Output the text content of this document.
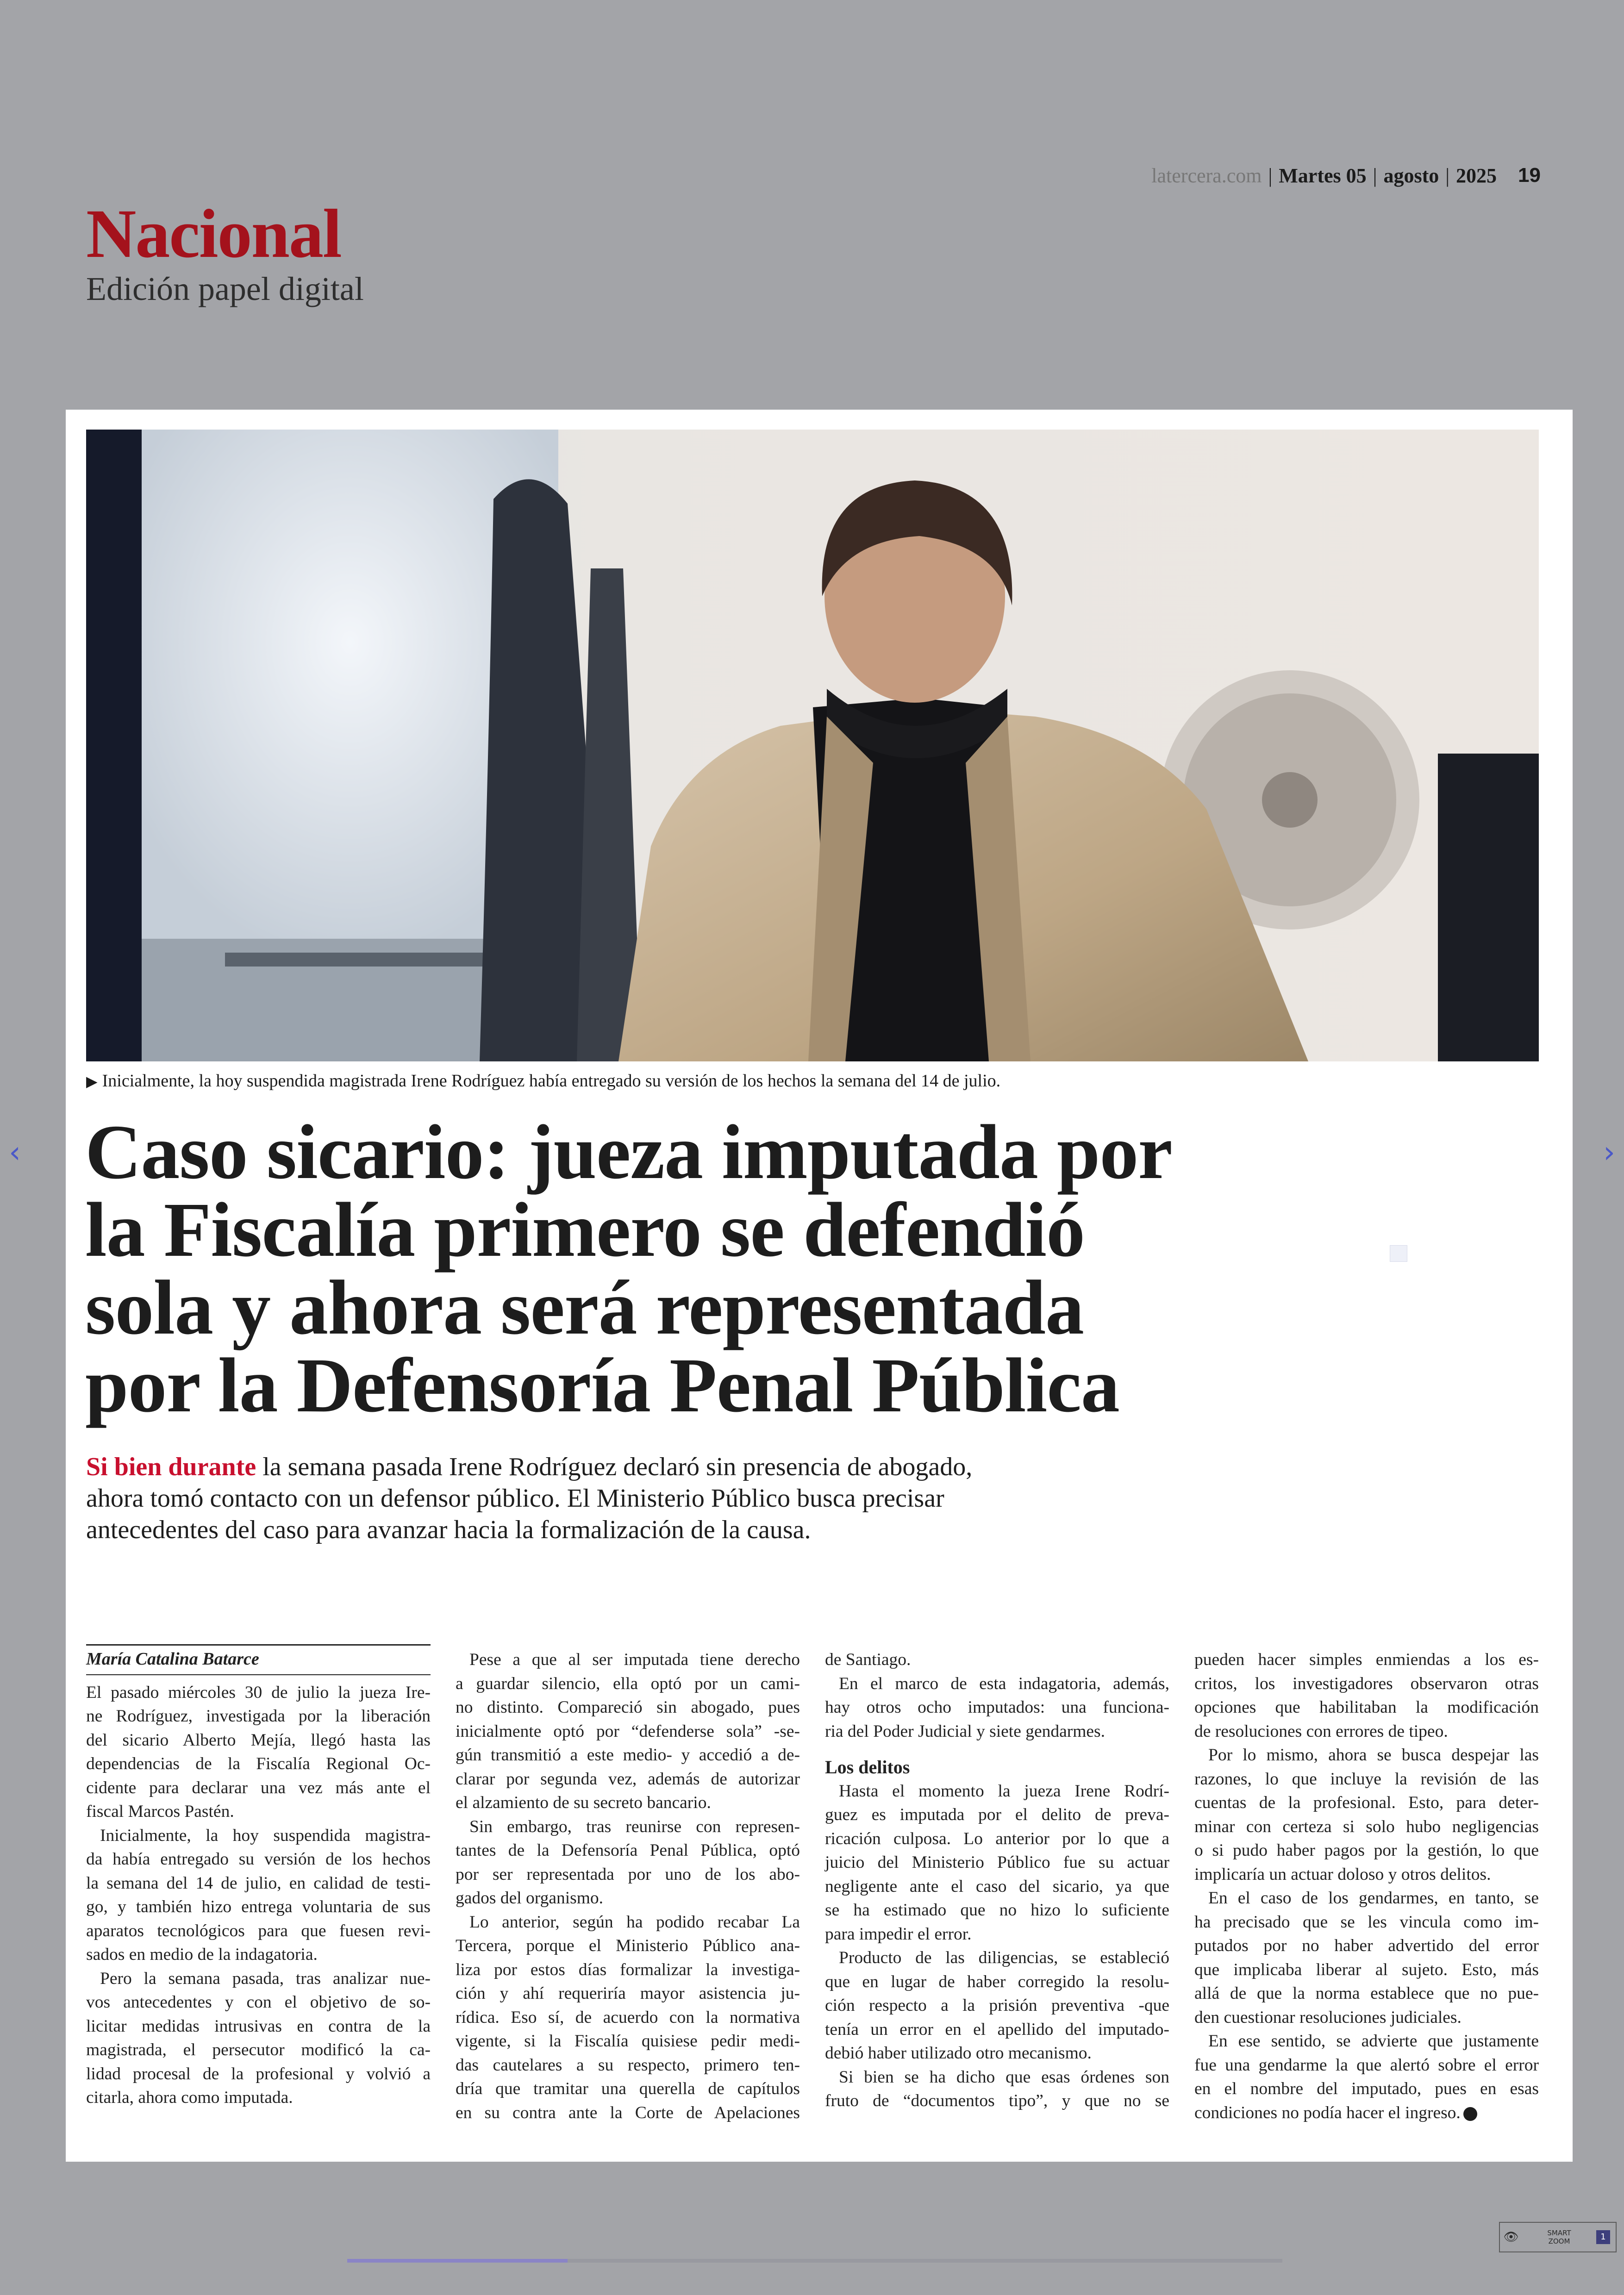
latercera.com | Martes 05 | agosto | 2025 19
Nacional
Edición papel digital
‹	›
▶ Inicialmente, la hoy suspendida magistrada Irene Rodríguez había entregado su versión de los hechos la semana del 14 de julio.
Caso sicario: jueza imputada por
la Fiscalía primero se defendió
sola y ahora será representada
por la Defensoría Penal Pública
Si bien durante la semana pasada Irene Rodríguez declaró sin presencia de abogado,
ahora tomó contacto con un defensor público. El Ministerio Público busca precisar
antecedentes del caso para avanzar hacia la formalización de la causa.
María Catalina Batarce
El pasado miércoles 30 de julio la jueza Ire-
ne Rodríguez, investigada por la liberación
del sicario Alberto Mejía, llegó hasta las
dependencias de la Fiscalía Regional Oc-
cidente para declarar una vez más ante el
fiscal Marcos Pastén.
Inicialmente, la hoy suspendida magistra-
da había entregado su versión de los hechos
la semana del 14 de julio, en calidad de testi-
go, y también hizo entrega voluntaria de sus
aparatos tecnológicos para que fuesen revi-
sados en medio de la indagatoria.
Pero la semana pasada, tras analizar nue-
vos antecedentes y con el objetivo de so-
licitar medidas intrusivas en contra de la
magistrada, el persecutor modificó la ca-
lidad procesal de la profesional y volvió a
citarla, ahora como imputada.
Pese a que al ser imputada tiene derecho
a guardar silencio, ella optó por un cami-
no distinto. Compareció sin abogado, pues
inicialmente optó por “defenderse sola” -se-
gún transmitió a este medio- y accedió a de-
clarar por segunda vez, además de autorizar
el alzamiento de su secreto bancario.
Sin embargo, tras reunirse con represen-
tantes de la Defensoría Penal Pública, optó
por ser representada por uno de los abo-
gados del organismo.
Lo anterior, según ha podido recabar La
Tercera, porque el Ministerio Público ana-
liza por estos días formalizar la investiga-
ción y ahí requeriría mayor asistencia ju-
rídica. Eso sí, de acuerdo con la normativa
vigente, si la Fiscalía quisiese pedir medi-
das cautelares a su respecto, primero ten-
dría que tramitar una querella de capítulos
en su contra ante la Corte de Apelaciones
de Santiago.
En el marco de esta indagatoria, además,
hay otros ocho imputados: una funciona-
ria del Poder Judicial y siete gendarmes.
Los delitos
Hasta el momento la jueza Irene Rodrí-
guez es imputada por el delito de preva-
ricación culposa. Lo anterior por lo que a
juicio del Ministerio Público fue su actuar
negligente ante el caso del sicario, ya que
se ha estimado que no hizo lo suficiente
para impedir el error.
Producto de las diligencias, se estableció
que en lugar de haber corregido la resolu-
ción respecto a la prisión preventiva -que
tenía un error en el apellido del imputado-
debió haber utilizado otro mecanismo.
Si bien se ha dicho que esas órdenes son
fruto de “documentos tipo”, y que no se
pueden hacer simples enmiendas a los es-
critos, los investigadores observaron otras
opciones que habilitaban la modificación
de resoluciones con errores de tipeo.
Por lo mismo, ahora se busca despejar las
razones, lo que incluye la revisión de las
cuentas de la profesional. Esto, para deter-
minar con certeza si solo hubo negligencias
o si pudo haber pagos por la gestión, lo que
implicaría un actuar doloso y otros delitos.
En el caso de los gendarmes, en tanto, se
ha precisado que se les vincula como im-
putados por no haber advertido del error
que implicaba liberar al sujeto. Esto, más
allá de que la norma establece que no pue-
den cuestionar resoluciones judiciales.
En ese sentido, se advierte que justamente
fue una gendarme la que alertó sobre el error
en el nombre del imputado, pues en esas
condiciones no podía hacer el ingreso.
👁	SMART
ZOOM	1
